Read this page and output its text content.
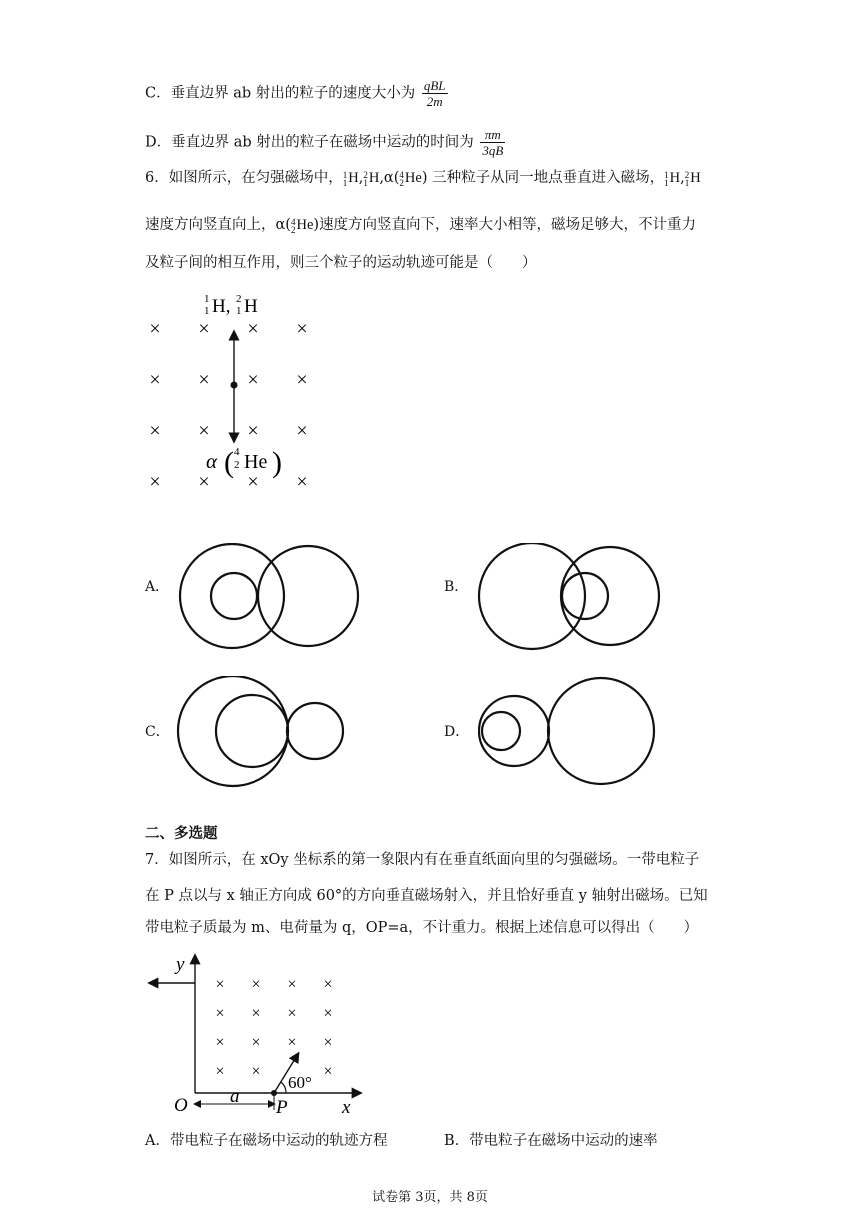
C．垂直边界 ab 射出的粒子的速度大小为 $\frac{\text{qBL}}{2m}$
D．垂直边界 ab 射出的粒子在磁场中运动的时间为 $\frac{\pi m}{3qB}$
6．如图所示，在匀强磁场中，1
1H,2
1H,α(4
2He) 三种粒子从同一地点垂直进入磁场，1
1H,2
1H
速度方向竖直向上，α(4
2He)速度方向竖直向下，速率大小相等，磁场足够大，不计重力
及粒子间的相互作用，则三个粒子的运动轨迹可能是（　　）
1
1 H, 2
1 H
× × × ×
× × × ×
× × × ×
× × × ×
α ( 4
2 He )
A．	B．
C．	D．
二、多选题
7．如图所示，在 xOy 坐标系的第一象限内有在垂直纸面向里的匀强磁场。一带电粒子
在 P 点以与 x 轴正方向成 60°的方向垂直磁场射入，并且恰好垂直 y 轴射出磁场。已知
带电粒子质最为 m、电荷量为 q，OP=a，不计重力。根据上述信息可以得出（　　）
y
x
O
× × × ×
× × × ×
× × × ×
× ×	×
60°
P
a
A．带电粒子在磁场中运动的轨迹方程	B．带电粒子在磁场中运动的速率
试卷第 3页，共 8页
